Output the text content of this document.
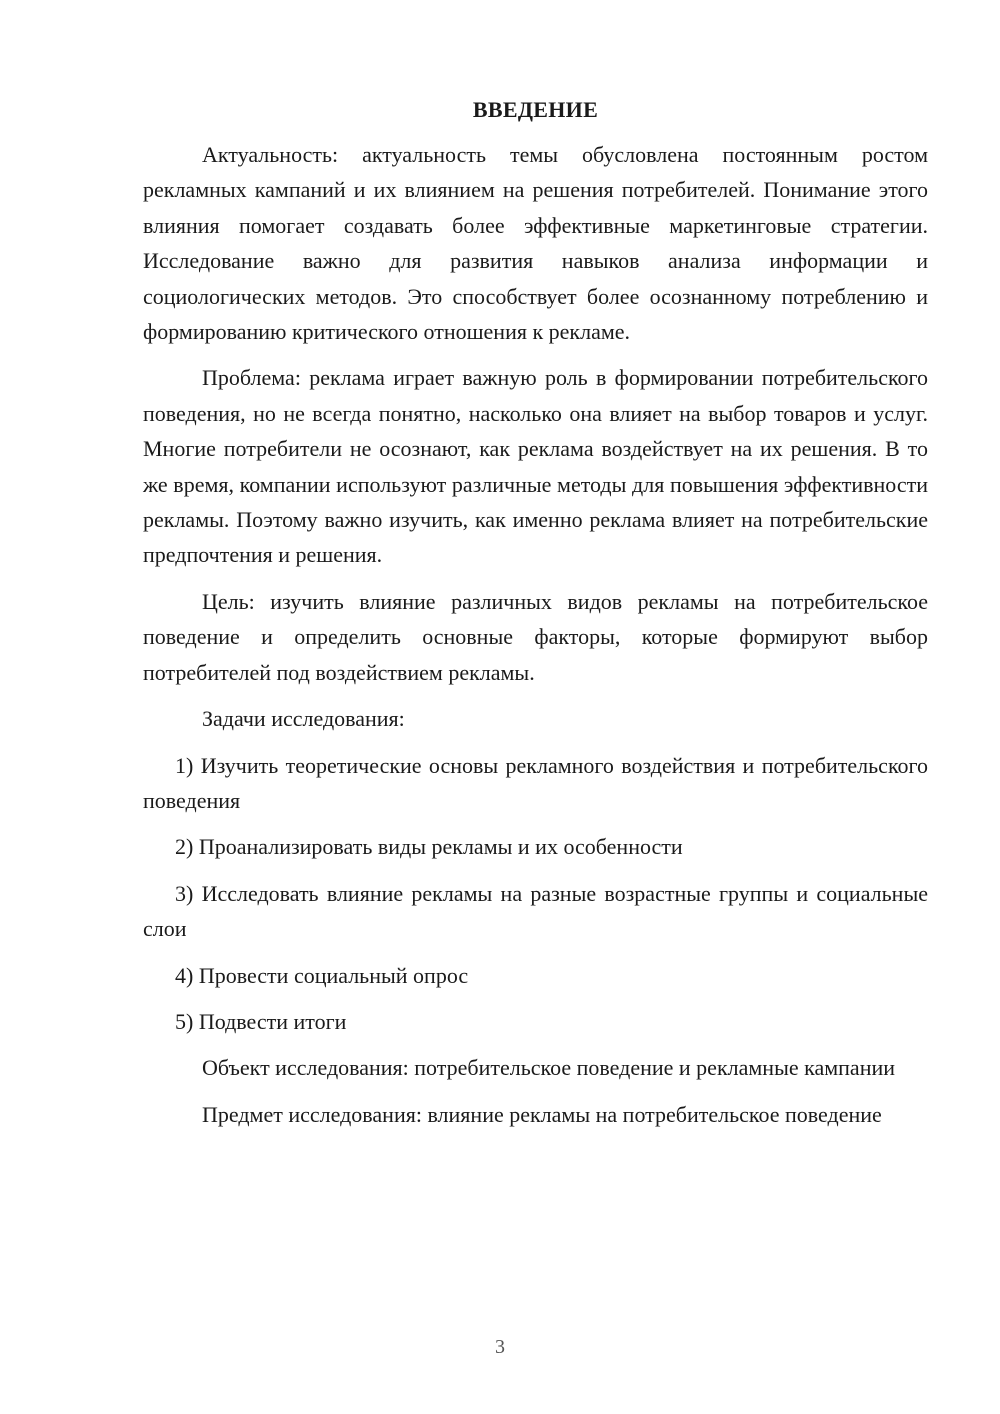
ВВЕДЕНИЕ

Актуальность: актуальность темы обусловлена постоянным ростом рекламных кампаний и их влиянием на решения потребителей. Понимание этого влияния помогает создавать более эффективные маркетинговые стратегии. Исследование важно для развития навыков анализа информации и социологических методов. Это способствует более осознанному потреблению и формированию критического отношения к рекламе.

Проблема: реклама играет важную роль в формировании потребительского поведения, но не всегда понятно, насколько она влияет на выбор товаров и услуг. Многие потребители не осознают, как реклама воздействует на их решения. В то же время, компании используют различные методы для повышения эффективности рекламы. Поэтому важно изучить, как именно реклама влияет на потребительские предпочтения и решения.

Цель: изучить влияние различных видов рекламы на потребительское поведение и определить основные факторы, которые формируют выбор потребителей под воздействием рекламы.

Задачи исследования:

1) Изучить теоретические основы рекламного воздействия и потребительского поведения

2) Проанализировать виды рекламы и их особенности

3) Исследовать влияние рекламы на разные возрастные группы и социальные слои

4) Провести социальный опрос

5) Подвести итоги

Объект исследования: потребительское поведение и рекламные кампании

Предмет исследования: влияние рекламы на потребительское поведение

3
